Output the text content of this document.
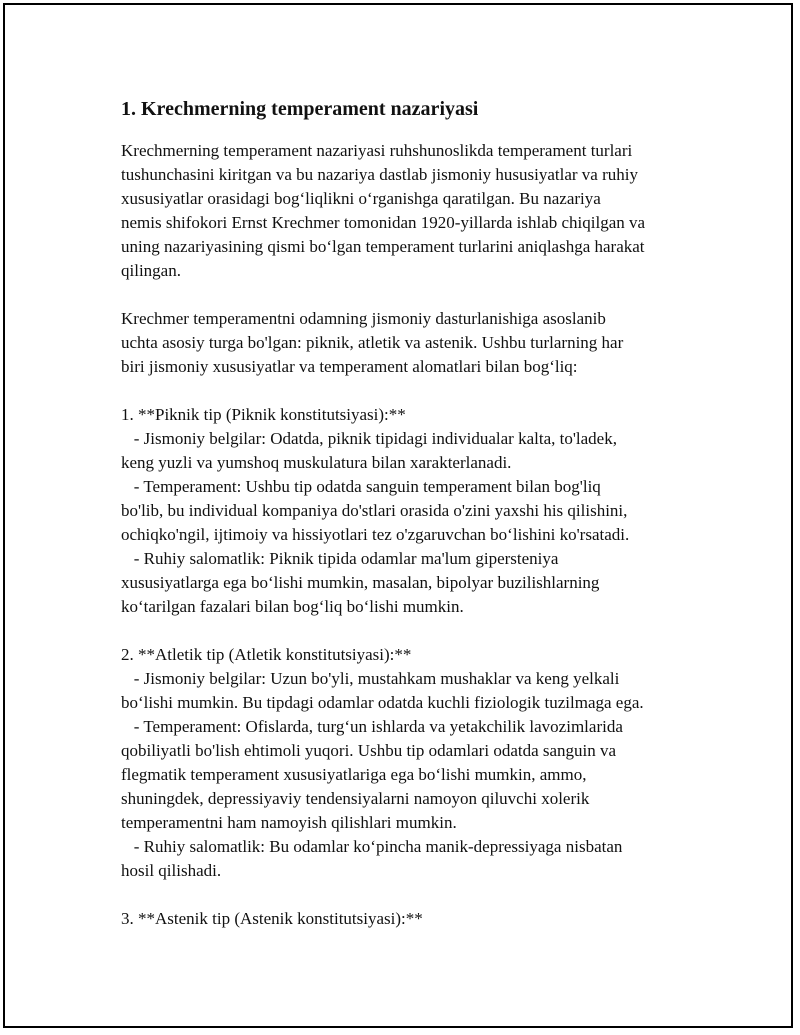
1. Krechmerning temperament nazariyasi

Krechmerning temperament nazariyasi ruhshunoslikda temperament turlari
tushunchasini kiritgan va bu nazariya dastlab jismoniy hususiyatlar va ruhiy
xususiyatlar orasidagi bog‘liqlikni o‘rganishga qaratilgan. Bu nazariya
nemis shifokori Ernst Krechmer tomonidan 1920-yillarda ishlab chiqilgan va
uning nazariyasining qismi bo‘lgan temperament turlarini aniqlashga harakat
qilingan.

Krechmer temperamentni odamning jismoniy dasturlanishiga asoslanib
uchta asosiy turga bo'lgan: piknik, atletik va astenik. Ushbu turlarning har
biri jismoniy xususiyatlar va temperament alomatlari bilan bog‘liq:

1. **Piknik tip (Piknik konstitutsiyasi):**
- Jismoniy belgilar: Odatda, piknik tipidagi individualar kalta, to'ladek,
keng yuzli va yumshoq muskulatura bilan xarakterlanadi.
- Temperament: Ushbu tip odatda sanguin temperament bilan bog'liq
bo'lib, bu individual kompaniya do'stlari orasida o'zini yaxshi his qilishini,
ochiqko'ngil, ijtimoiy va hissiyotlari tez o'zgaruvchan bo‘lishini ko'rsatadi.
- Ruhiy salomatlik: Piknik tipida odamlar ma'lum gipersteniya
xususiyatlarga ega bo‘lishi mumkin, masalan, bipolyar buzilishlarning
ko‘tarilgan fazalari bilan bog‘liq bo‘lishi mumkin.

2. **Atletik tip (Atletik konstitutsiyasi):**
- Jismoniy belgilar: Uzun bo'yli, mustahkam mushaklar va keng yelkali
bo‘lishi mumkin. Bu tipdagi odamlar odatda kuchli fiziologik tuzilmaga ega.
- Temperament: Ofislarda, turg‘un ishlarda va yetakchilik lavozimlarida
qobiliyatli bo'lish ehtimoli yuqori. Ushbu tip odamlari odatda sanguin va
flegmatik temperament xususiyatlariga ega bo‘lishi mumkin, ammo,
shuningdek, depressiyaviy tendensiyalarni namoyon qiluvchi xolerik
temperamentni ham namoyish qilishlari mumkin.
- Ruhiy salomatlik: Bu odamlar ko‘pincha manik-depressiyaga nisbatan
hosil qilishadi.

3. **Astenik tip (Astenik konstitutsiyasi):**
